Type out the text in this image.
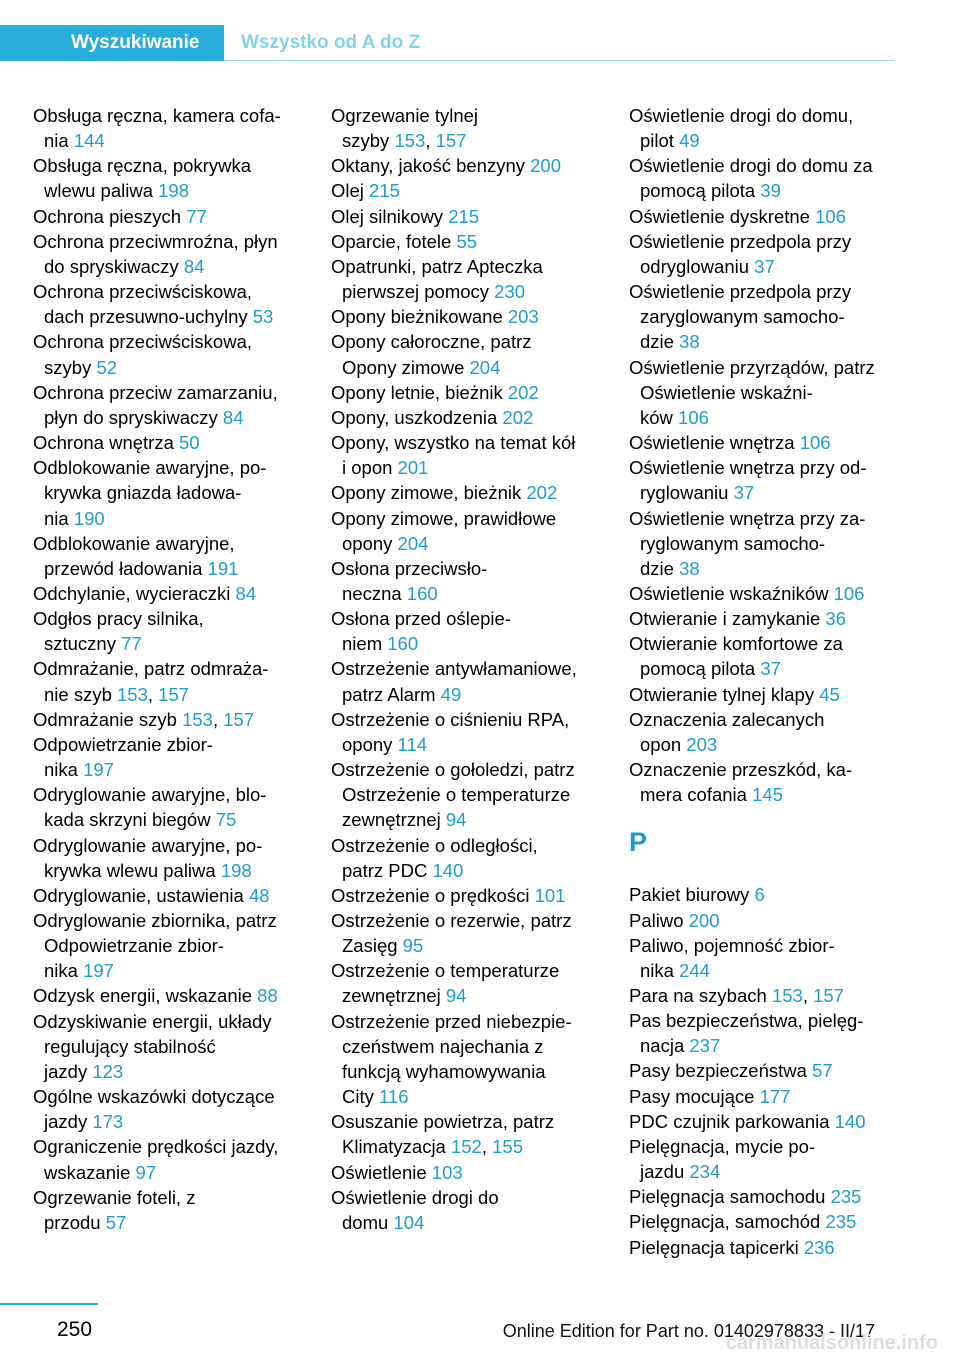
Wyszukiwanie	Wszystko od A do Z
Obsługa ręczna, kamera cofa-
nia 144
Obsługa ręczna, pokrywka
wlewu paliwa 198
Ochrona pieszych 77
Ochrona przeciwmroźna, płyn
do spryskiwaczy 84
Ochrona przeciwściskowa,
dach przesuwno-uchylny 53
Ochrona przeciwściskowa,
szyby 52
Ochrona przeciw zamarzaniu,
płyn do spryskiwaczy 84
Ochrona wnętrza 50
Odblokowanie awaryjne, po-
krywka gniazda ładowa-
nia 190
Odblokowanie awaryjne,
przewód ładowania 191
Odchylanie, wycieraczki 84
Odgłos pracy silnika,
sztuczny 77
Odmrażanie, patrz odmraża-
nie szyb 153, 157
Odmrażanie szyb 153, 157
Odpowietrzanie zbior-
nika 197
Odryglowanie awaryjne, blo-
kada skrzyni biegów 75
Odryglowanie awaryjne, po-
krywka wlewu paliwa 198
Odryglowanie, ustawienia 48
Odryglowanie zbiornika, patrz
Odpowietrzanie zbior-
nika 197
Odzysk energii, wskazanie 88
Odzyskiwanie energii, układy
regulujący stabilność
jazdy 123
Ogólne wskazówki dotyczące
jazdy 173
Ograniczenie prędkości jazdy,
wskazanie 97
Ogrzewanie foteli, z
przodu 57
Ogrzewanie tylnej
szyby 153, 157
Oktany, jakość benzyny 200
Olej 215
Olej silnikowy 215
Oparcie, fotele 55
Opatrunki, patrz Apteczka
pierwszej pomocy 230
Opony bieżnikowane 203
Opony całoroczne, patrz
Opony zimowe 204
Opony letnie, bieżnik 202
Opony, uszkodzenia 202
Opony, wszystko na temat kół
i opon 201
Opony zimowe, bieżnik 202
Opony zimowe, prawidłowe
opony 204
Osłona przeciwsło-
neczna 160
Osłona przed oślepie-
niem 160
Ostrzeżenie antywłamaniowe,
patrz Alarm 49
Ostrzeżenie o ciśnieniu RPA,
opony 114
Ostrzeżenie o gołoledzi, patrz
Ostrzeżenie o temperaturze
zewnętrznej 94
Ostrzeżenie o odległości,
patrz PDC 140
Ostrzeżenie o prędkości 101
Ostrzeżenie o rezerwie, patrz
Zasięg 95
Ostrzeżenie o temperaturze
zewnętrznej 94
Ostrzeżenie przed niebezpie-
czeństwem najechania z
funkcją wyhamowywania
City 116
Osuszanie powietrza, patrz
Klimatyzacja 152, 155
Oświetlenie 103
Oświetlenie drogi do
domu 104
Oświetlenie drogi do domu,
pilot 49
Oświetlenie drogi do domu za
pomocą pilota 39
Oświetlenie dyskretne 106
Oświetlenie przedpola przy
odryglowaniu 37
Oświetlenie przedpola przy
zaryglowanym samocho-
dzie 38
Oświetlenie przyrządów, patrz
Oświetlenie wskaźni-
ków 106
Oświetlenie wnętrza 106
Oświetlenie wnętrza przy od-
ryglowaniu 37
Oświetlenie wnętrza przy za-
ryglowanym samocho-
dzie 38
Oświetlenie wskaźników 106
Otwieranie i zamykanie 36
Otwieranie komfortowe za
pomocą pilota 37
Otwieranie tylnej klapy 45
Oznaczenia zalecanych
opon 203
Oznaczenie przeszkód, ka-
mera cofania 145
P
Pakiet biurowy 6
Paliwo 200
Paliwo, pojemność zbior-
nika 244
Para na szybach 153, 157
Pas bezpieczeństwa, pielęg-
nacja 237
Pasy bezpieczeństwa 57
Pasy mocujące 177
PDC czujnik parkowania 140
Pielęgnacja, mycie po-
jazdu 234
Pielęgnacja samochodu 235
Pielęgnacja, samochód 235
Pielęgnacja tapicerki 236
250	Online Edition for Part no. 01402978833 - II/17
carmanualsonline.info
